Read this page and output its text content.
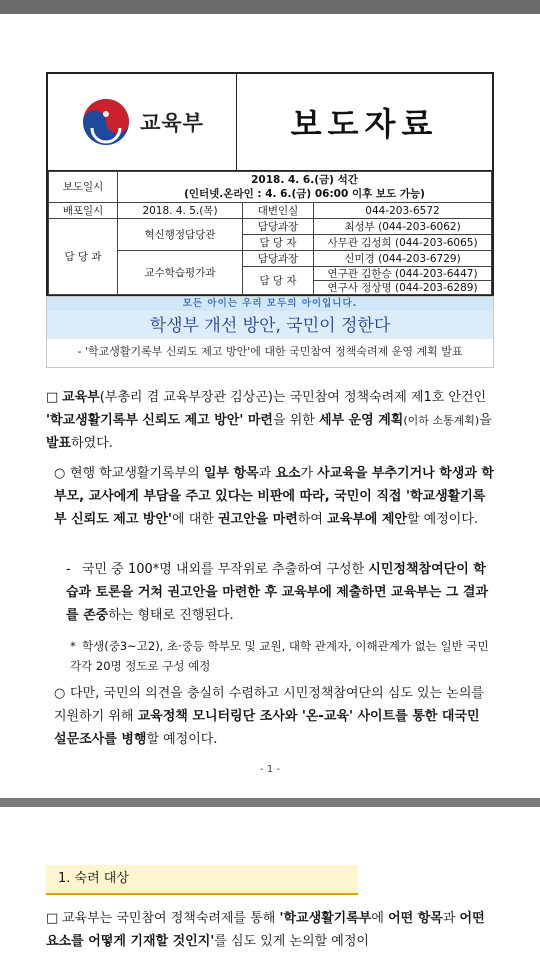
교육부	보도자료
보도일시	2018. 4. 6.(금) 석간
(인터넷.온라인 : 4. 6.(금) 06:00 이후 보도 가능)		

배포일시	2018. 4. 5.(목)	대변인실	044-203-6572
담 당 과	혁신행정담당관	담당과장	최성부 (044-203-6062)
		담 당 자	사무관 김성희 (044-203-6065)
	교수학습평가과	담당과장	신미경 (044-203-6729)
		담 당 자	연구관 김한승 (044-203-6447)
			연구사 정상명 (044-203-6289)
모든 아이는 우리 모두의 아이입니다.
학생부 개선 방안, 국민이 정한다
- '학교생활기록부 신뢰도 제고 방안'에 대한 국민참여 정책숙려제 운영 계획 발표
□ 교육부(부총리 겸 교육부장관 김상곤)는 국민참여 정책숙려제 제1호 안건인 '학교생활기록부 신뢰도 제고 방안' 마련을 위한 세부 운영 계획(이하 소통계획)을 발표하였다.
○ 현행 학교생활기록부의 일부 항목과 요소가 사교육을 부추기거나 학생과 학부모, 교사에게 부담을 주고 있다는 비판에 따라, 국민이 직접 '학교생활기록부 신뢰도 제고 방안'에 대한 권고안을 마련하여 교육부에 제안할 예정이다.
- 국민 중 100*명 내외를 무작위로 추출하여 구성한 시민정책참여단이 학습과 토론을 거쳐 권고안을 마련한 후 교육부에 제출하면 교육부는 그 결과를 존중하는 형태로 진행된다.
* 학생(중3~고2), 초·중등 학부모 및 교원, 대학 관계자, 이해관계가 없는 일반 국민 각각 20명 정도로 구성 예정
○ 다만, 국민의 의견을 충실히 수렴하고 시민정책참여단의 심도 있는 논의를 지원하기 위해 교육정책 모니터링단 조사와 '온-교육' 사이트를 통한 대국민 설문조사를 병행할 예정이다.
- 1 -
1. 숙려 대상
□ 교육부는 국민참여 정책숙려제를 통해 '학교생활기록부에 어떤 항목과 어떤 요소를 어떻게 기재할 것인지'를 심도 있게 논의할 예정이
